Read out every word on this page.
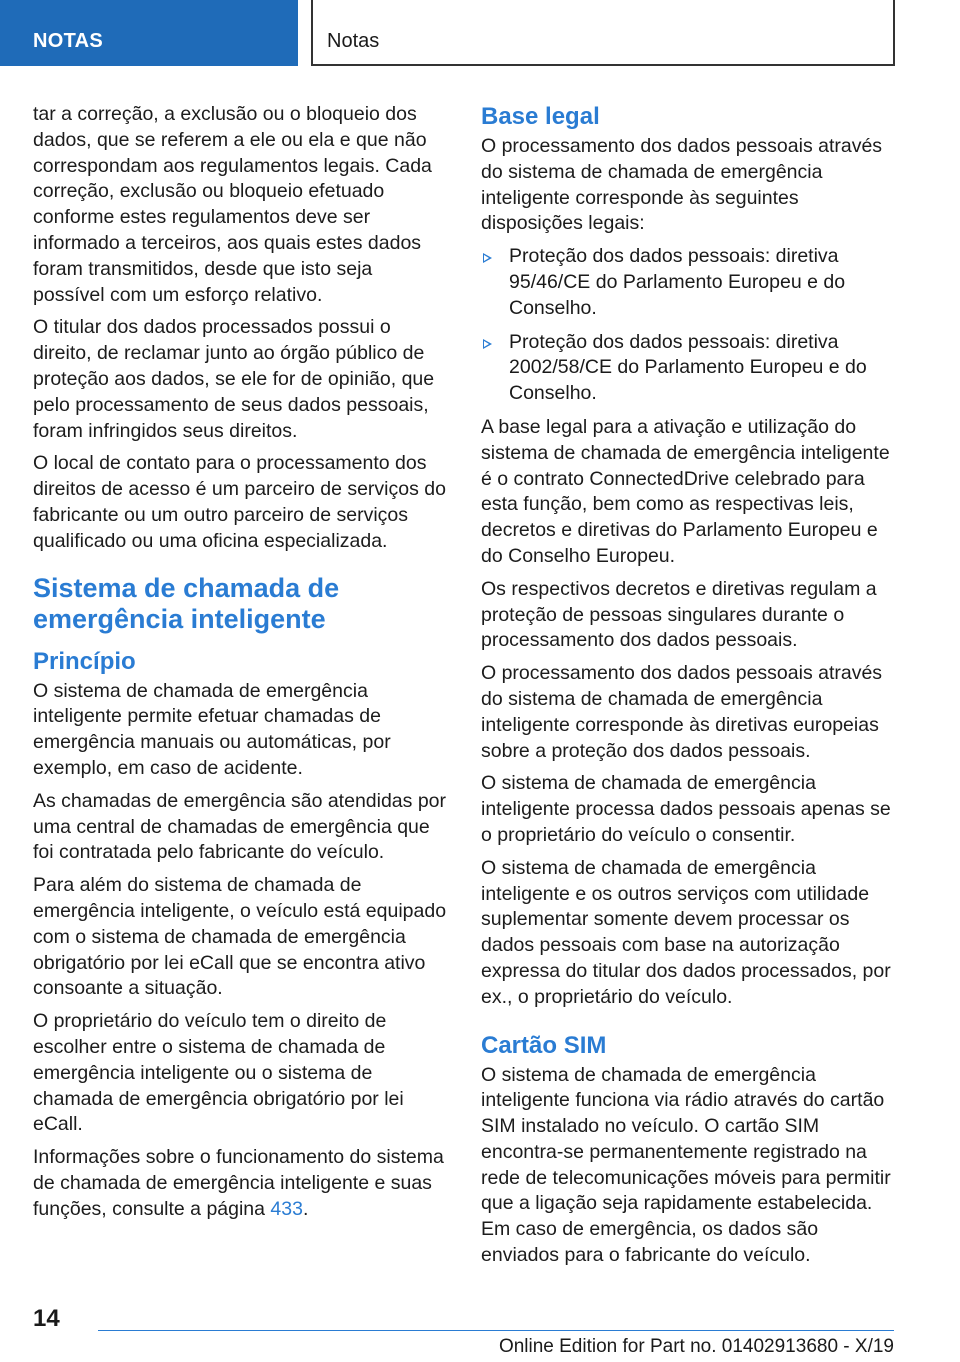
NOTAS	Notas

tar a correção, a exclusão ou o bloqueio dos dados, que se referem a ele ou ela e que não correspondam aos regulamentos legais. Cada correção, exclusão ou bloqueio efetuado conforme estes regulamentos deve ser informado a terceiros, aos quais estes dados foram transmitidos, desde que isto seja possível com um esforço relativo.

O titular dos dados processados possui o direito, de reclamar junto ao órgão público de proteção aos dados, se ele for de opinião, que pelo processamento de seus dados pessoais, foram infringidos seus direitos.

O local de contato para o processamento dos direitos de acesso é um parceiro de serviços do fabricante ou um outro parceiro de serviços qualificado ou uma oficina especializada.

Sistema de chamada de emergência inteligente
Princípio

O sistema de chamada de emergência inteligente permite efetuar chamadas de emergência manuais ou automáticas, por exemplo, em caso de acidente.

As chamadas de emergência são atendidas por uma central de chamadas de emergência que foi contratada pelo fabricante do veículo.

Para além do sistema de chamada de emergência inteligente, o veículo está equipado com o sistema de chamada de emergência obrigatório por lei eCall que se encontra ativo consoante a situação.

O proprietário do veículo tem o direito de escolher entre o sistema de chamada de emergência inteligente ou o sistema de chamada de emergência obrigatório por lei eCall.

Informações sobre o funcionamento do sistema de chamada de emergência inteligente e suas funções, consulte a página 433.

Base legal

O processamento dos dados pessoais através do sistema de chamada de emergência inteligente corresponde às seguintes disposições legais:

Proteção dos dados pessoais: diretiva 95/46/CE do Parlamento Europeu e do Conselho.
Proteção dos dados pessoais: diretiva 2002/58/CE do Parlamento Europeu e do Conselho.

A base legal para a ativação e utilização do sistema de chamada de emergência inteligente é o contrato ConnectedDrive celebrado para esta função, bem como as respectivas leis, decretos e diretivas do Parlamento Europeu e do Conselho Europeu.

Os respectivos decretos e diretivas regulam a proteção de pessoas singulares durante o processamento dos dados pessoais.

O processamento dos dados pessoais através do sistema de chamada de emergência inteligente corresponde às diretivas europeias sobre a proteção dos dados pessoais.

O sistema de chamada de emergência inteligente processa dados pessoais apenas se o proprietário do veículo o consentir.

O sistema de chamada de emergência inteligente e os outros serviços com utilidade suplementar somente devem processar os dados pessoais com base na autorização expressa do titular dos dados processados, por ex., o proprietário do veículo.

Cartão SIM

O sistema de chamada de emergência inteligente funciona via rádio através do cartão SIM instalado no veículo. O cartão SIM encontra-se permanentemente registrado na rede de telecomunicações móveis para permitir que a ligação seja rapidamente estabelecida. Em caso de emergência, os dados são enviados para o fabricante do veículo.

14
Online Edition for Part no. 01402913680 - X/19
